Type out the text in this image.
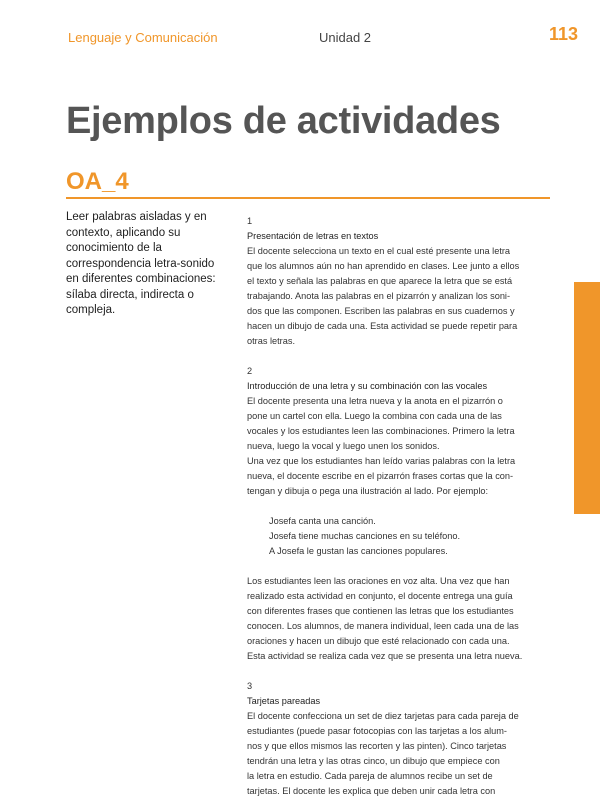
Lenguaje y Comunicación	Unidad 2	113
Ejemplos de actividades
OA_4
Leer palabras aisladas y en contexto, aplicando su conocimiento de la correspondencia letra-sonido en diferentes combinaciones: sílaba directa, indirecta o compleja.

1

Presentación de letras en textos

El docente selecciona un texto en el cual esté presente una letra

que los alumnos aún no han aprendido en clases. Lee junto a ellos

el texto y señala las palabras en que aparece la letra que se está

trabajando. Anota las palabras en el pizarrón y analizan los soni-

dos que las componen. Escriben las palabras en sus cuadernos y

hacen un dibujo de cada una. Esta actividad se puede repetir para

otras letras.

2

Introducción de una letra y su combinación con las vocales

El docente presenta una letra nueva y la anota en el pizarrón o

pone un cartel con ella. Luego la combina con cada una de las

vocales y los estudiantes leen las combinaciones. Primero la letra

nueva, luego la vocal y luego unen los sonidos.

Una vez que los estudiantes han leído varias palabras con la letra

nueva, el docente escribe en el pizarrón frases cortas que la con-

tengan y dibuja o pega una ilustración al lado. Por ejemplo:

Josefa canta una canción.

Josefa tiene muchas canciones en su teléfono.

A Josefa le gustan las canciones populares.

Los estudiantes leen las oraciones en voz alta. Una vez que han

realizado esta actividad en conjunto, el docente entrega una guía

con diferentes frases que contienen las letras que los estudiantes

conocen. Los alumnos, de manera individual, leen cada una de las

oraciones y hacen un dibujo que esté relacionado con cada una.

Esta actividad se realiza cada vez que se presenta una letra nueva.

3

Tarjetas pareadas

El docente confecciona un set de diez tarjetas para cada pareja de

estudiantes (puede pasar fotocopias con las tarjetas a los alum-

nos y que ellos mismos las recorten y las pinten). Cinco tarjetas

tendrán una letra y las otras cinco, un dibujo que empiece con

la letra en estudio. Cada pareja de alumnos recibe un set de

tarjetas. El docente les explica que deben unir cada letra con
